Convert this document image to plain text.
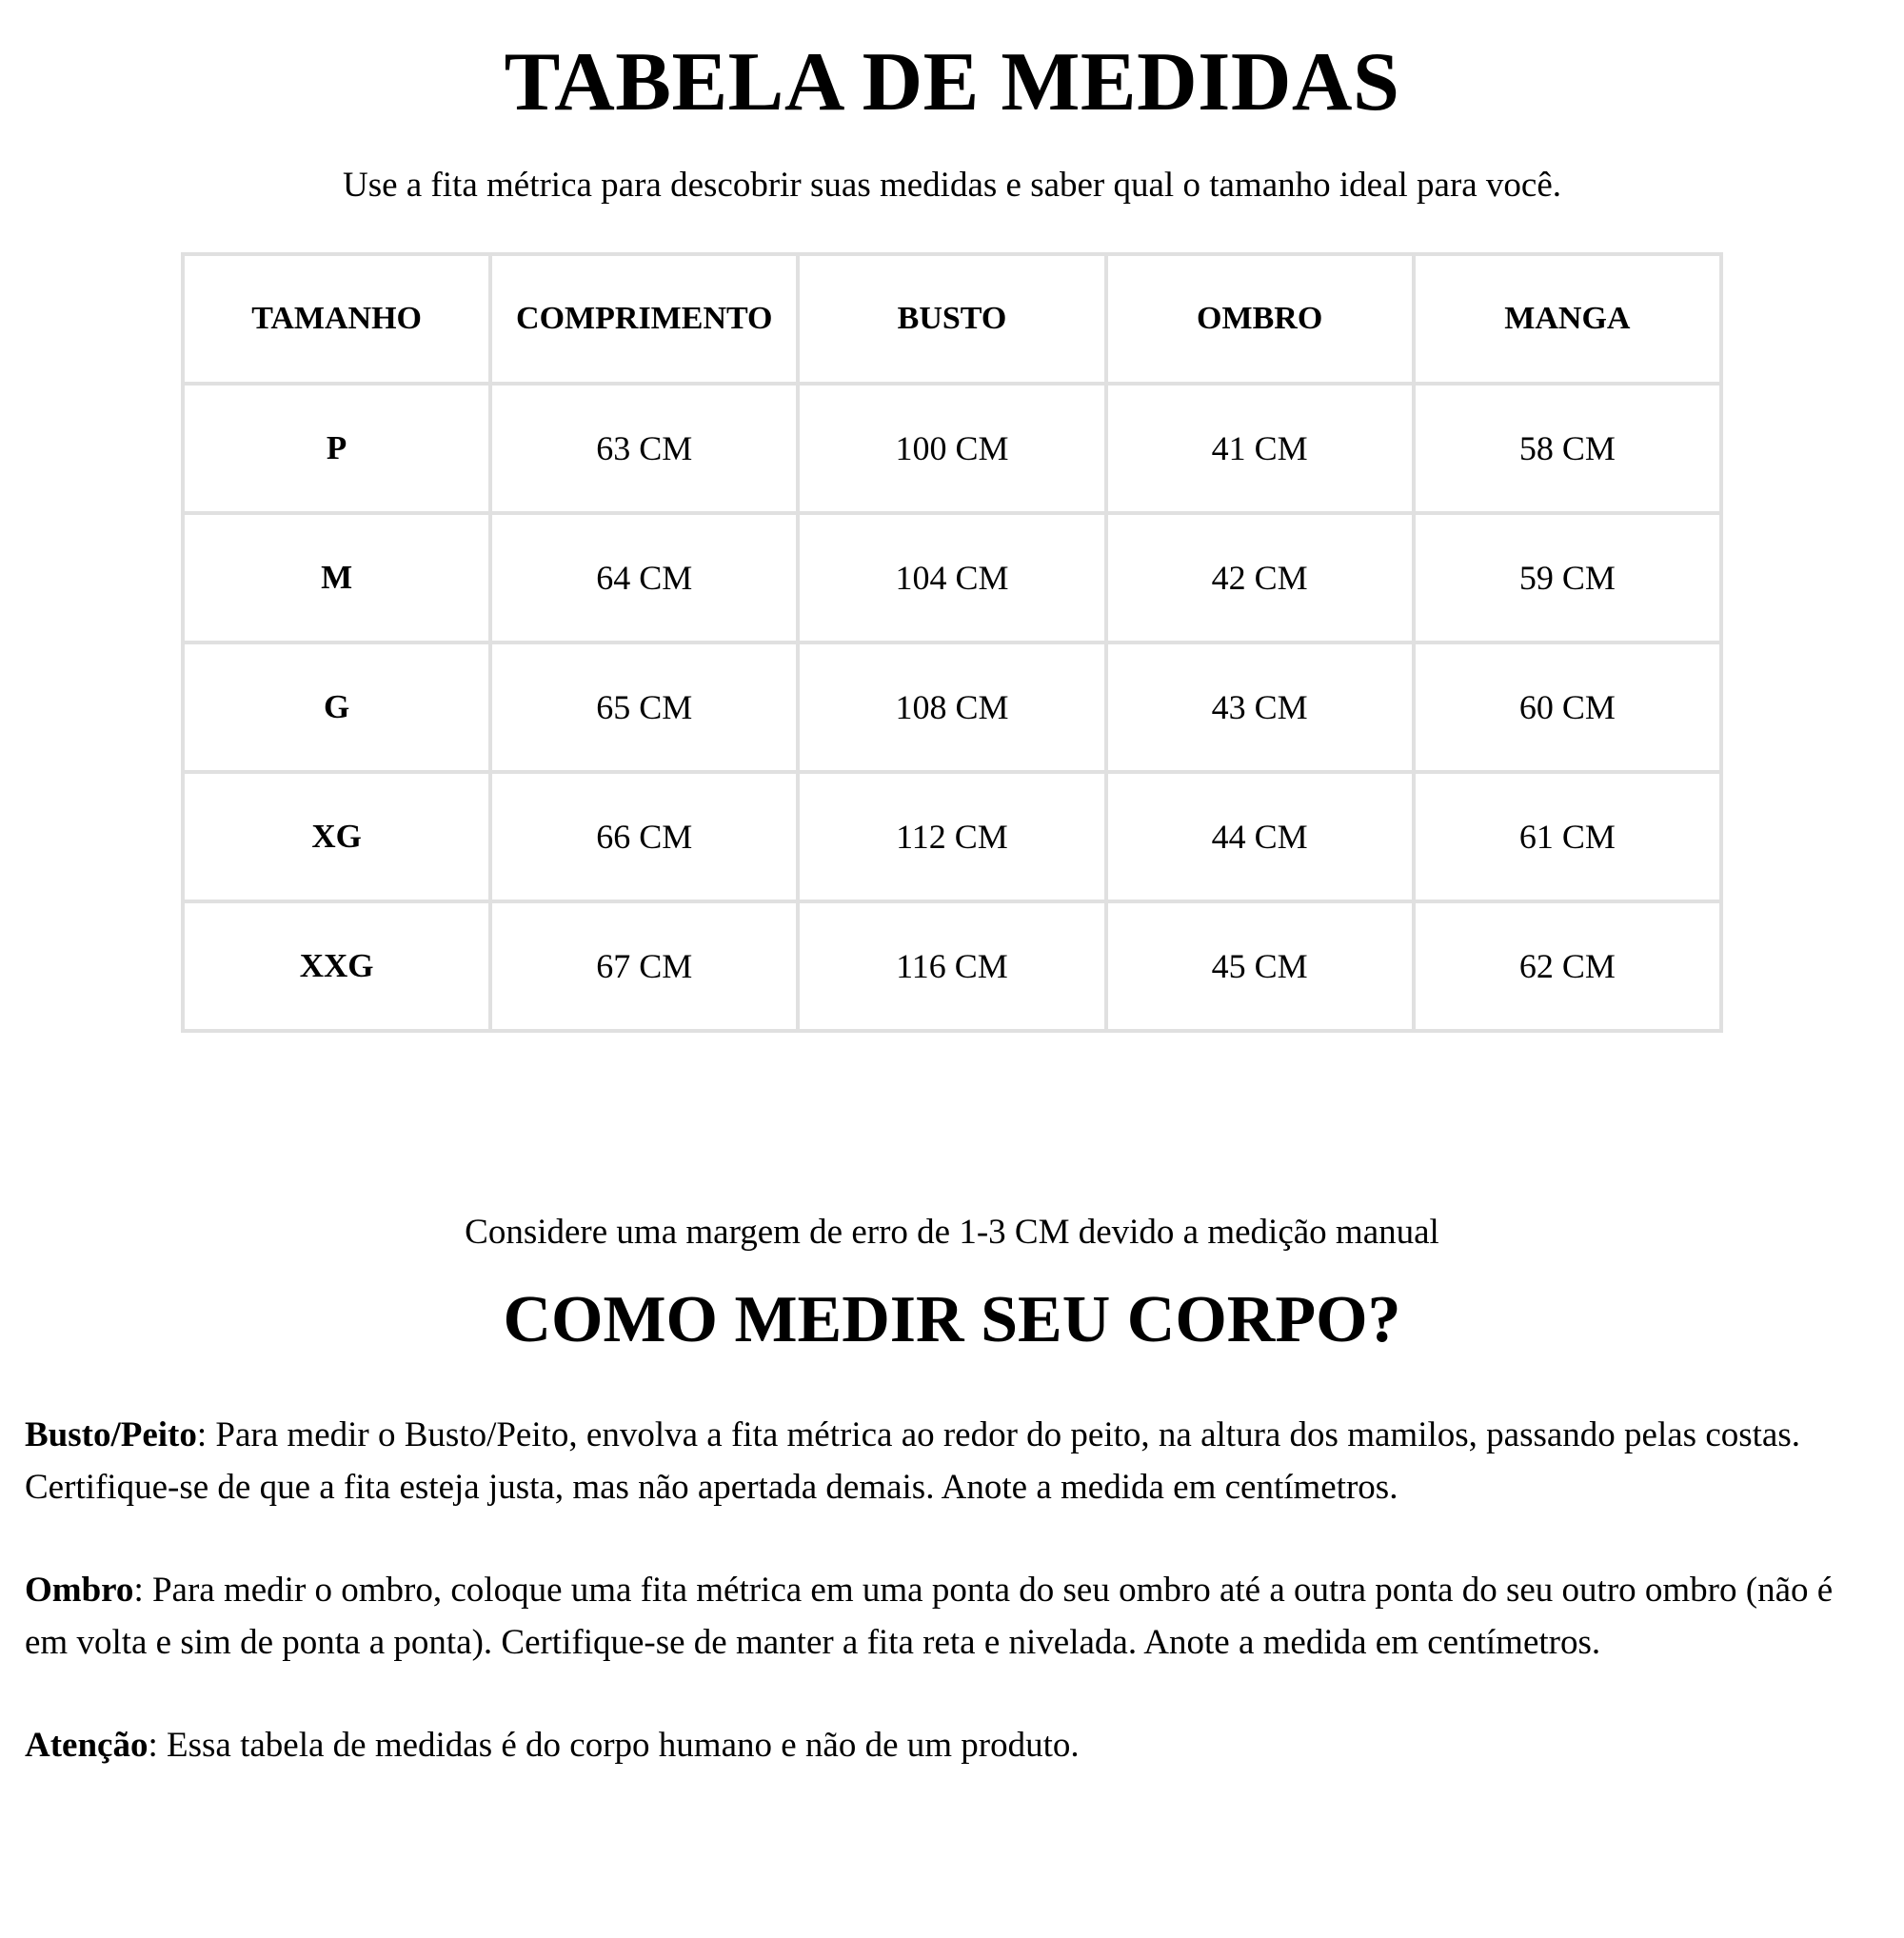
TABELA DE MEDIDAS

Use a fita métrica para descobrir suas medidas e saber qual o tamanho ideal para você.

TAMANHO	COMPRIMENTO	BUSTO	OMBRO	MANGA
P	63 CM	100 CM	41 CM	58 CM
M	64 CM	104 CM	42 CM	59 CM
G	65 CM	108 CM	43 CM	60 CM
XG	66 CM	112 CM	44 CM	61 CM
XXG	67 CM	116 CM	45 CM	62 CM

Considere uma margem de erro de 1-3 CM devido a medição manual

COMO MEDIR SEU CORPO?

Busto/Peito: Para medir o Busto/Peito, envolva a fita métrica ao redor do peito, na altura dos mamilos, passando pelas costas. Certifique-se de que a fita esteja justa, mas não apertada demais. Anote a medida em centímetros.

Ombro: Para medir o ombro, coloque uma fita métrica em uma ponta do seu ombro até a outra ponta do seu outro ombro (não é em volta e sim de ponta a ponta). Certifique-se de manter a fita reta e nivelada. Anote a medida em centímetros.

Atenção: Essa tabela de medidas é do corpo humano e não de um produto.
